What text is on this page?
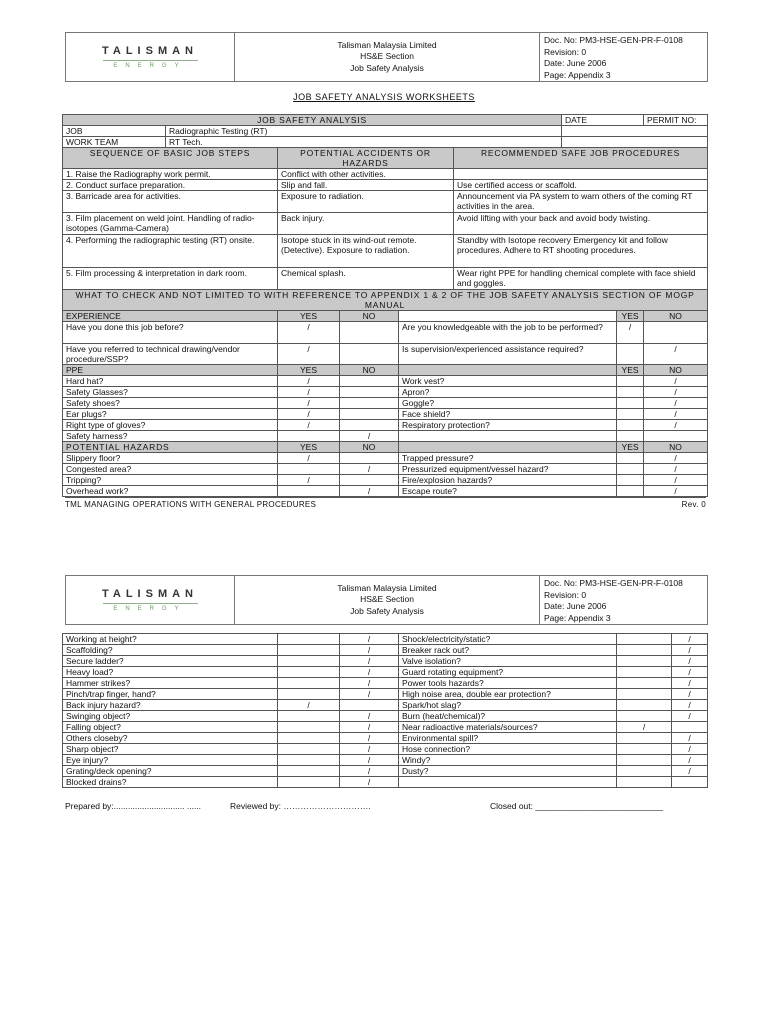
TALISMAN
ENERGY
Talisman Malaysia Limited
HS&E Section
Job Safety Analysis
Doc. No: PM3-HSE-GEN-PR-F-0108
Revision: 0
Date: June 2006
Page: Appendix 3
JOB SAFETY ANALYSIS WORKSHEETS
JOB SAFETY ANALYSIS						DATE		PERMIT NO:
JOB	Radiographic Testing (RT)							
WORK TEAM	RT Tech.							
SEQUENCE OF BASIC JOB STEPS		POTENTIAL ACCIDENTS OR HAZARDS			RECOMMENDED SAFE JOB PROCEDURES			
1. Raise the Radiography work permit.		Conflict with other activities.						
2. Conduct surface preparation.		Slip and fall.			Use certified access or scaffold.			
3. Barricade area for activities.		Exposure to radiation.			Announcement via PA system to warn others of the coming RT activities in the area.			
3. Film placement on weld joint. Handling of radio-isotopes (Gamma-Camera)		Back injury.			Avoid lifting with your back and avoid body twisting.			
4. Performing the radiographic testing (RT) onsite.		Isotope stuck in its wind-out remote. (Detective). Exposure to radiation.			Standby with Isotope recovery Emergency kit and follow procedures. Adhere to RT shooting procedures.			
5. Film processing & interpretation in dark room.		Chemical splash.			Wear right PPE for handling chemical complete with face shield and goggles.			
WHAT TO CHECK AND NOT LIMITED TO WITH REFERENCE TO APPENDIX 1 & 2 OF THE JOB SAFETY ANALYSIS SECTION OF MOGP MANUAL								
EXPERIENCE		YES	NO				YES	NO
Have you done this job before?		/		Are you knowledgeable with the job to be performed?			/	
Have you referred to technical drawing/vendor procedure/SSP?		/		Is supervision/experienced assistance required?				/
PPE		YES	NO				YES	NO
Hard hat?		/		Work vest?				/
Safety Glasses?		/		Apron?				/
Safety shoes?		/		Goggle?				/
Ear plugs?		/		Face shield?				/
Right type of gloves?		/		Respiratory protection?				/
Safety harness?			/					
POTENTIAL HAZARDS		YES	NO				YES	NO
Slippery floor?		/		Trapped pressure?				/
Congested area?			/	Pressurized equipment/vessel hazard?				/
Tripping?		/		Fire/explosion hazards?				/
Overhead work?			/	Escape route?				/
TML MANAGING OPERATIONS WITH GENERAL PROCEDURES	Rev. 0
TALISMAN
ENERGY
Talisman Malaysia Limited
HS&E Section
Job Safety Analysis
Doc. No: PM3-HSE-GEN-PR-F-0108
Revision: 0
Date: June 2006
Page: Appendix 3
Working at height?		/	Shock/electricity/static?		/
Scaffolding?		/	Breaker rack out?		/
Secure ladder?		/	Valve isolation?		/
Heavy load?		/	Guard rotating equipment?		/
Hammer strikes?		/	Power tools hazards?		/
Pinch/trap finger, hand?		/	High noise area, double ear protection?		/
Back injury hazard?	/		Spark/hot slag?		/
Swinging object?		/	Burn (heat/chemical)?		/
Falling object?		/	Near radioactive materials/sources?	/	
Others closeby?		/	Environmental spill?		/
Sharp object?		/	Hose connection?		/
Eye injury?		/	Windy?		/
Grating/deck opening?		/	Dusty?		/
Blocked drains?		/			
Prepared by:.............................. ......	Reviewed by: ………………………….	Closed out: ___________________________
